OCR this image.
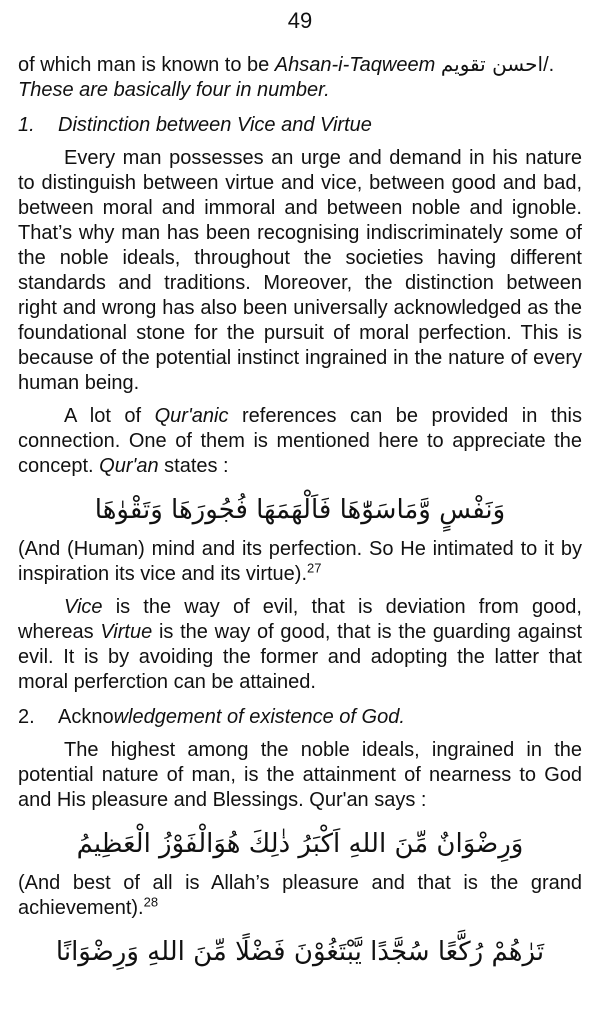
49

of which man is known to be Ahsan-i-Taqweem احسن تقويم/.

These are basically four in number.

1.	Distinction between Vice and Virtue

Every man possesses an urge and demand in his nature to distinguish between virtue and vice, between good and bad, between moral and immoral and between noble and ignoble. That’s why man has been recognising indiscriminately some of the noble ideals, throughout the societies having different standards and traditions. Moreover, the distinction between right and wrong has also been universally acknowledged as the foundational stone for the pursuit of moral perfection. This is because of the potential instinct ingrained in the nature of every human being.

A lot of Qur'anic references can be provided in this connection. One of them is mentioned here to appreciate the concept. Qur'an states :

وَنَفْسٍ وَّمَاسَوّٰهَا فَاَلْهَمَهَا فُجُورَهَا وَتَقْوٰهَا

(And (Human) mind and its perfection. So He intimated to it by inspiration its vice and its virtue).$^{27}$

Vice is the way of evil, that is deviation from good, whereas Virtue is the way of good, that is the guarding against evil. It is by avoiding the former and adopting the latter that moral perferction can be attained.

2.	Acknowledgement of existence of God.

The highest among the noble ideals, ingrained in the potential nature of man, is the attainment of nearness to God and His pleasure and Blessings. Qur'an says :

وَرِضْوَانٌ مِّنَ اللهِ اَكْبَرُ ذٰلِكَ هُوَالْفَوْزُ الْعَظِيمُ

(And best of all is Allah’s pleasure and that is the grand achievement).$^{28}$

تَرٰهُمْ رُكَّعًا سُجَّدًا يَّبْتَغُوْنَ فَضْلًا مِّنَ اللهِ وَرِضْوَانًا
